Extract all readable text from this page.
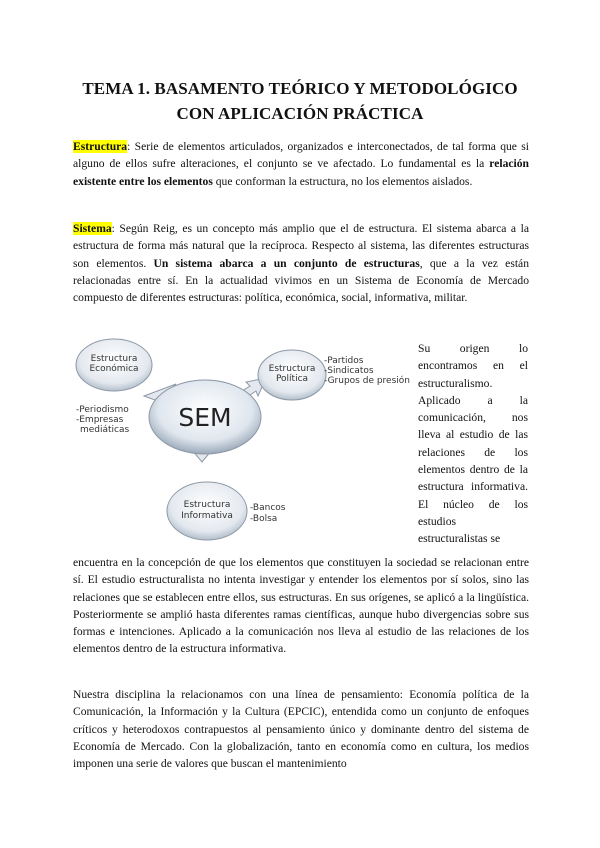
TEMA 1. BASAMENTO TEÓRICO Y METODOLÓGICO
CON APLICACIÓN PRÁCTICA

Estructura: Serie de elementos articulados, organizados e interconectados, de tal forma que si alguno de ellos sufre alteraciones, el conjunto se ve afectado. Lo fundamental es la relación existente entre los elementos que conforman la estructura, no los elementos aislados.

Sistema: Según Reig, es un concepto más amplio que el de estructura. El sistema abarca a la estructura de forma más natural que la recíproca. Respecto al sistema, las diferentes estructuras son elementos. Un sistema abarca a un conjunto de estructuras, que a la vez están relacionadas entre sí. En la actualidad vivimos en un Sistema de Economía de Mercado compuesto de diferentes estructuras: política, económica, social, informativa, militar.

Estructura
Económica	Estructura
Política
SEM
Estructura
Informativa
-Partidos
-Sindicatos
-Grupos de presión
-Periodismo
-Empresas
mediáticas
-Bancos
-Bolsa

Su origen lo encontramos en el estructuralismo. Aplicado a la comunicación, nos lleva al estudio de las relaciones de los elementos dentro de la estructura informativa. El núcleo de los estudios estructuralistas se

encuentra en la concepción de que los elementos que constituyen la sociedad se relacionan entre sí. El estudio estructuralista no intenta investigar y entender los elementos por sí solos, sino las relaciones que se establecen entre ellos, sus estructuras. En sus orígenes, se aplicó a la lingüística. Posteriormente se amplió hasta diferentes ramas científicas, aunque hubo divergencias sobre sus formas e intenciones. Aplicado a la comunicación nos lleva al estudio de las relaciones de los elementos dentro de la estructura informativa.

Nuestra disciplina la relacionamos con una línea de pensamiento: Economía política de la Comunicación, la Información y la Cultura (EPCIC), entendida como un conjunto de enfoques críticos y heterodoxos contrapuestos al pensamiento único y dominante dentro del sistema de Economía de Mercado. Con la globalización, tanto en economía como en cultura, los medios imponen una serie de valores que buscan el mantenimiento
